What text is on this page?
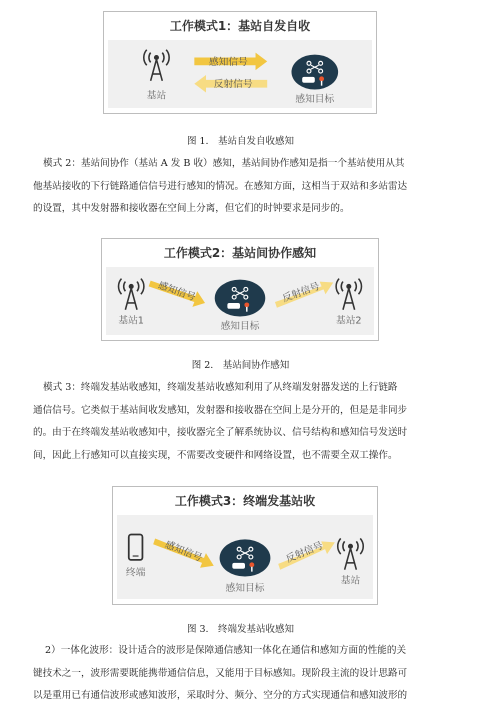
工作模式1：基站自发自收
基站
感知信号
反射信号
感知目标
图 1.　基站自发自收感知
模式 2：基站间协作（基站 A 发 B 收）感知，基站间协作感知是指一个基站使用从其
他基站接收的下行链路通信信号进行感知的情况。在感知方面，这相当于双站和多站雷达
的设置，其中发射器和接收器在空间上分离，但它们的时钟要求是同步的。
工作模式2：基站间协作感知
基站1
感知信号
感知目标
反射信号
基站2
图 2.　基站间协作感知
模式 3：终端发基站收感知，终端发基站收感知利用了从终端发射器发送的上行链路
通信信号。它类似于基站间收发感知，发射器和接收器在空间上是分开的，但是是非同步
的。由于在终端发基站收感知中，接收器完全了解系统协议、信号结构和感知信号发送时
间，因此上行感知可以直接实现，不需要改变硬件和网络设置，也不需要全双工操作。
工作模式3：终端发基站收
终端
感知信号
感知目标
反射信号
基站
图 3.　终端发基站收感知
2）一体化波形：设计适合的波形是保障通信感知一体化在通信和感知方面的性能的关
键技术之一，波形需要既能携带通信信息，又能用于目标感知。现阶段主流的设计思路可
以是重用已有通信波形或感知波形，采取时分、频分、空分的方式实现通信和感知波形的
